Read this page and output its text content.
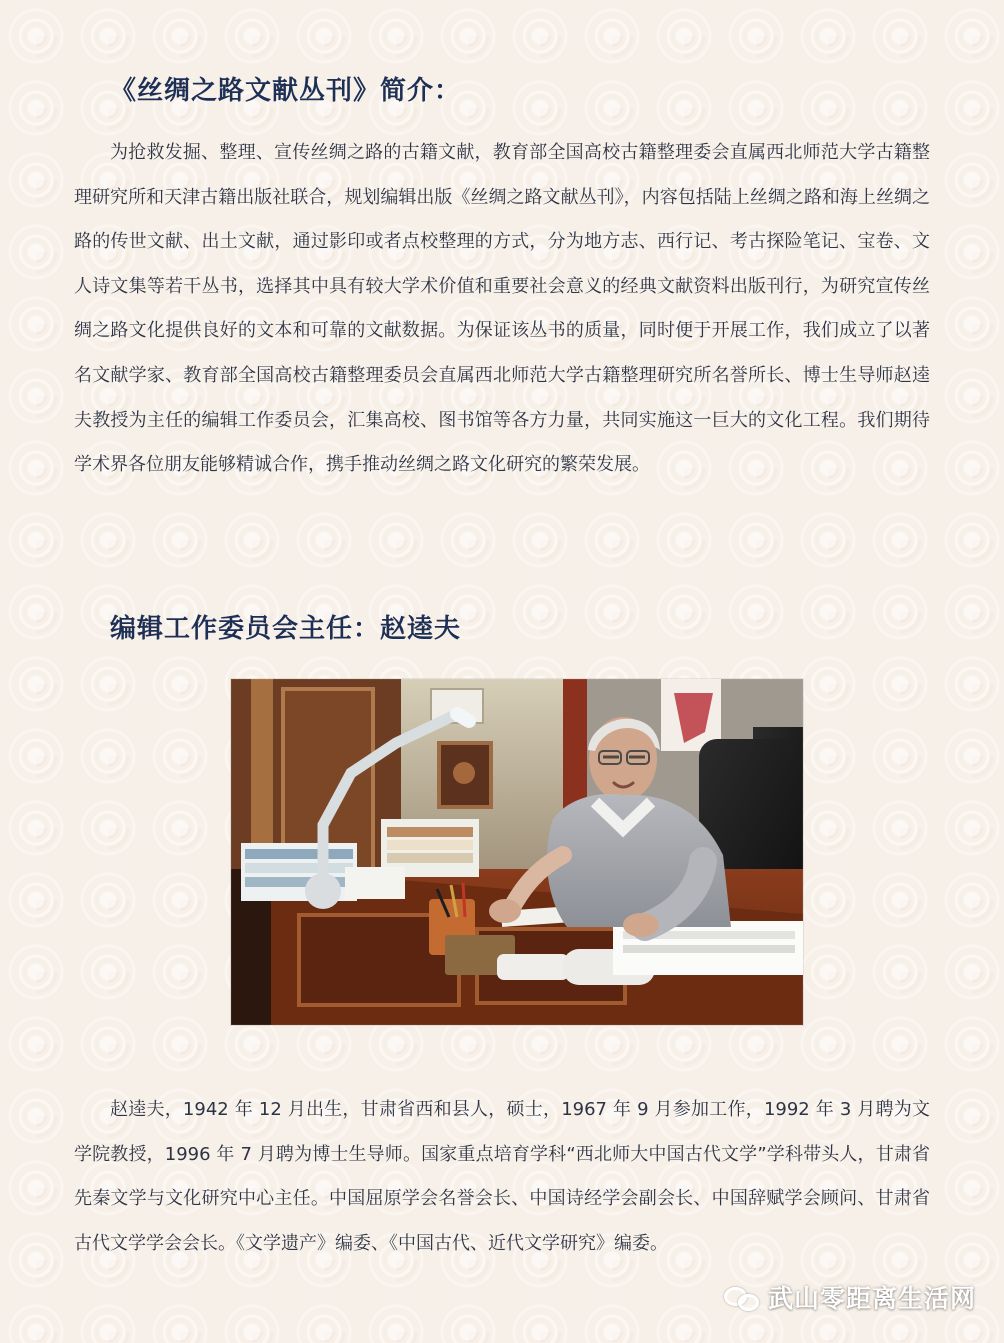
《丝绸之路文献丛刊》简介：

为抢救发掘、整理、宣传丝绸之路的古籍文献，教育部全国高校古籍整理委会直属西北师范大学古籍整理研究所和天津古籍出版社联合，规划编辑出版《丝绸之路文献丛刊》，内容包括陆上丝绸之路和海上丝绸之路的传世文献、出土文献，通过影印或者点校整理的方式，分为地方志、西行记、考古探险笔记、宝卷、文人诗文集等若干丛书，选择其中具有较大学术价值和重要社会意义的经典文献资料出版刊行，为研究宣传丝绸之路文化提供良好的文本和可靠的文献数据。为保证该丛书的质量，同时便于开展工作，我们成立了以著名文献学家、教育部全国高校古籍整理委员会直属西北师范大学古籍整理研究所名誉所长、博士生导师赵逵夫教授为主任的编辑工作委员会，汇集高校、图书馆等各方力量，共同实施这一巨大的文化工程。我们期待学术界各位朋友能够精诚合作，携手推动丝绸之路文化研究的繁荣发展。

编辑工作委员会主任：赵逵夫

赵逵夫，1942 年 12 月出生，甘肃省西和县人，硕士，1967 年 9 月参加工作，1992 年 3 月聘为文学院教授，1996 年 7 月聘为博士生导师。国家重点培育学科“西北师大中国古代文学”学科带头人，甘肃省先秦文学与文化研究中心主任。中国屈原学会名誉会长、中国诗经学会副会长、中国辞赋学会顾问、甘肃省古代文学学会会长。《文学遗产》编委、《中国古代、近代文学研究》编委。

武山零距离生活网
